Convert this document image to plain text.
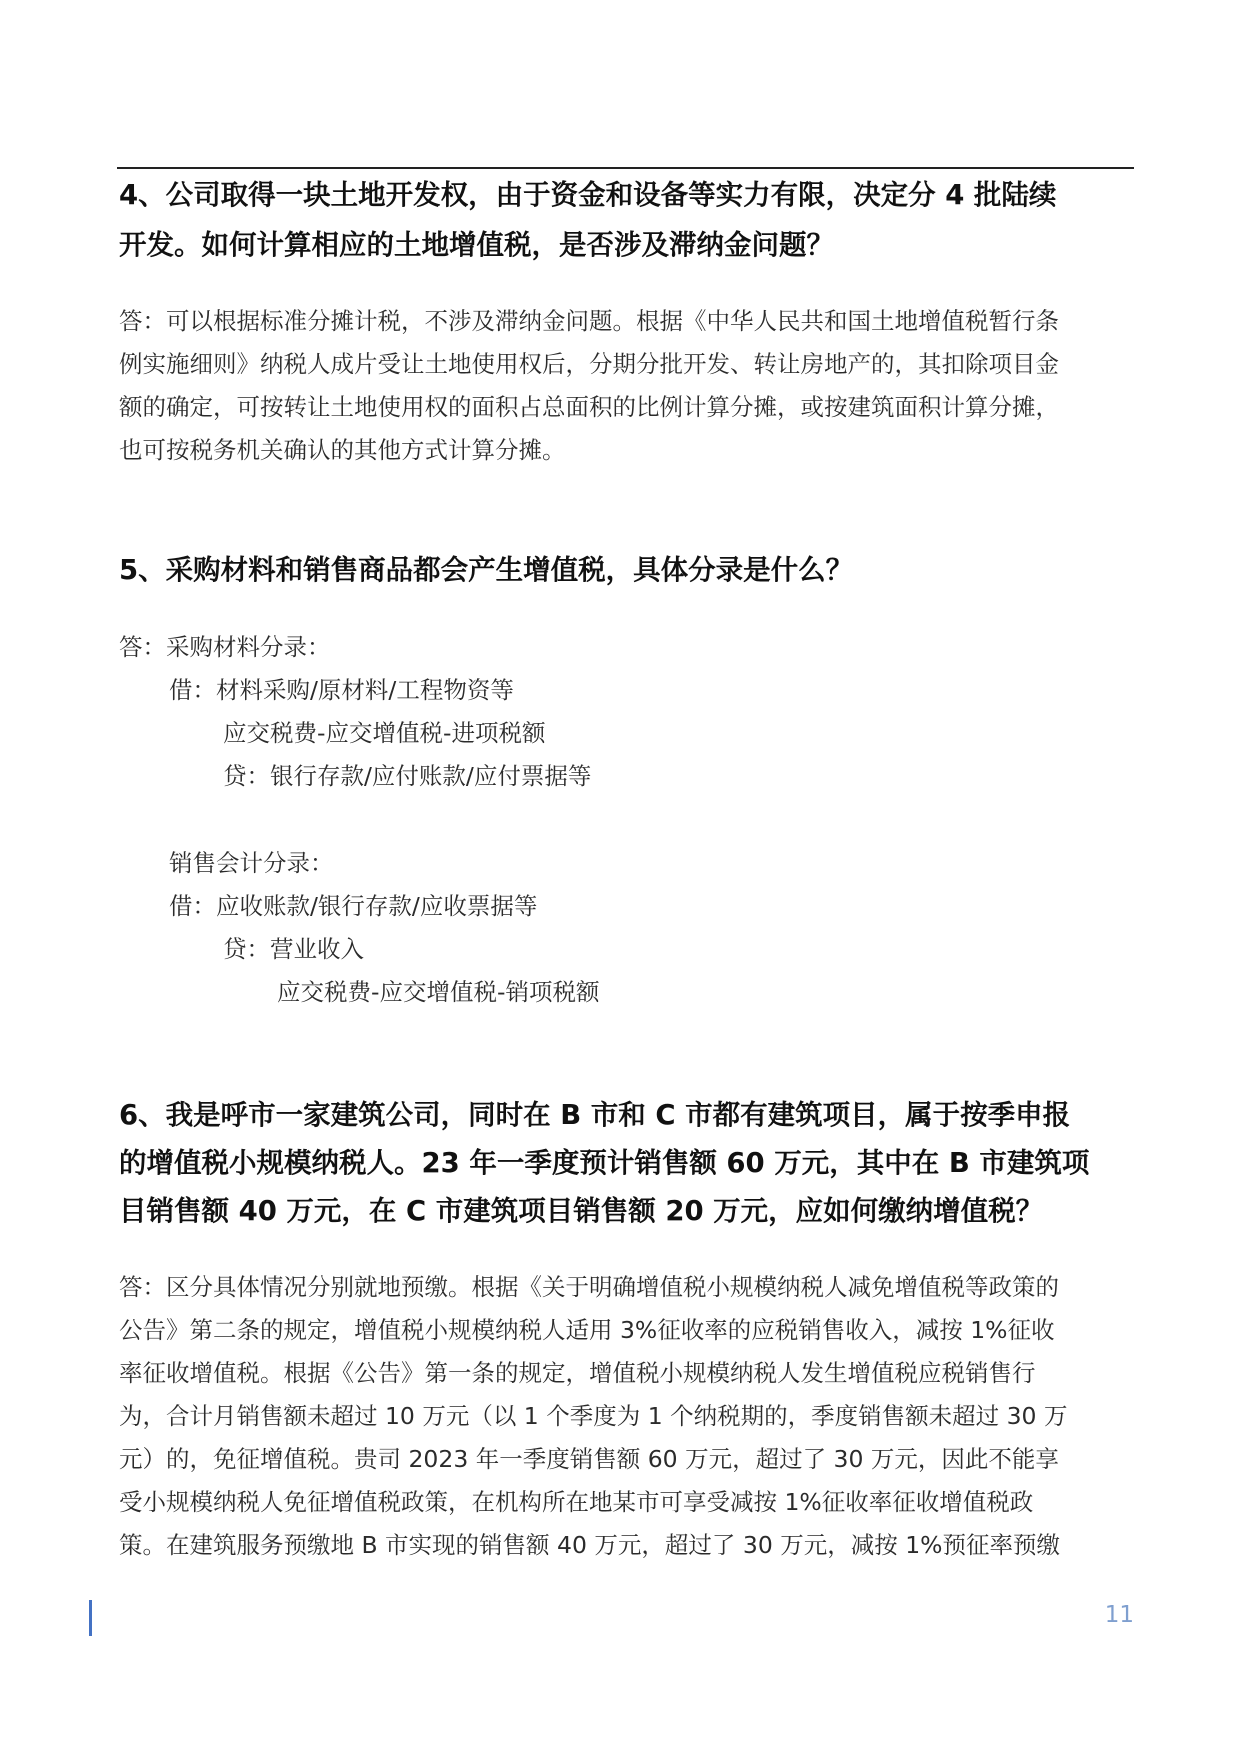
4、公司取得一块土地开发权，由于资金和设备等实力有限，决定分 4 批陆续
开发。如何计算相应的土地增值税，是否涉及滞纳金问题？
答：可以根据标准分摊计税，不涉及滞纳金问题。根据《中华人民共和国土地增值税暂行条
例实施细则》纳税人成片受让土地使用权后，分期分批开发、转让房地产的，其扣除项目金
额的确定，可按转让土地使用权的面积占总面积的比例计算分摊，或按建筑面积计算分摊，
也可按税务机关确认的其他方式计算分摊。
5、采购材料和销售商品都会产生增值税，具体分录是什么？
答：采购材料分录：
借：材料采购/原材料/工程物资等
应交税费-应交增值税-进项税额
贷：银行存款/应付账款/应付票据等
销售会计分录：
借：应收账款/银行存款/应收票据等
贷：营业收入
应交税费-应交增值税-销项税额
6、我是呼市一家建筑公司，同时在 B 市和 C 市都有建筑项目，属于按季申报
的增值税小规模纳税人。23 年一季度预计销售额 60 万元，其中在 B 市建筑项
目销售额 40 万元，在 C 市建筑项目销售额 20 万元，应如何缴纳增值税？
答：区分具体情况分别就地预缴。根据《关于明确增值税小规模纳税人减免增值税等政策的
公告》第二条的规定，增值税小规模纳税人适用 3%征收率的应税销售收入，减按 1%征收
率征收增值税。根据《公告》第一条的规定，增值税小规模纳税人发生增值税应税销售行
为，合计月销售额未超过 10 万元（以 1 个季度为 1 个纳税期的，季度销售额未超过 30 万
元）的，免征增值税。贵司 2023 年一季度销售额 60 万元，超过了 30 万元，因此不能享
受小规模纳税人免征增值税政策，在机构所在地某市可享受减按 1%征收率征收增值税政
策。在建筑服务预缴地 B 市实现的销售额 40 万元，超过了 30 万元，减按 1%预征率预缴
11
